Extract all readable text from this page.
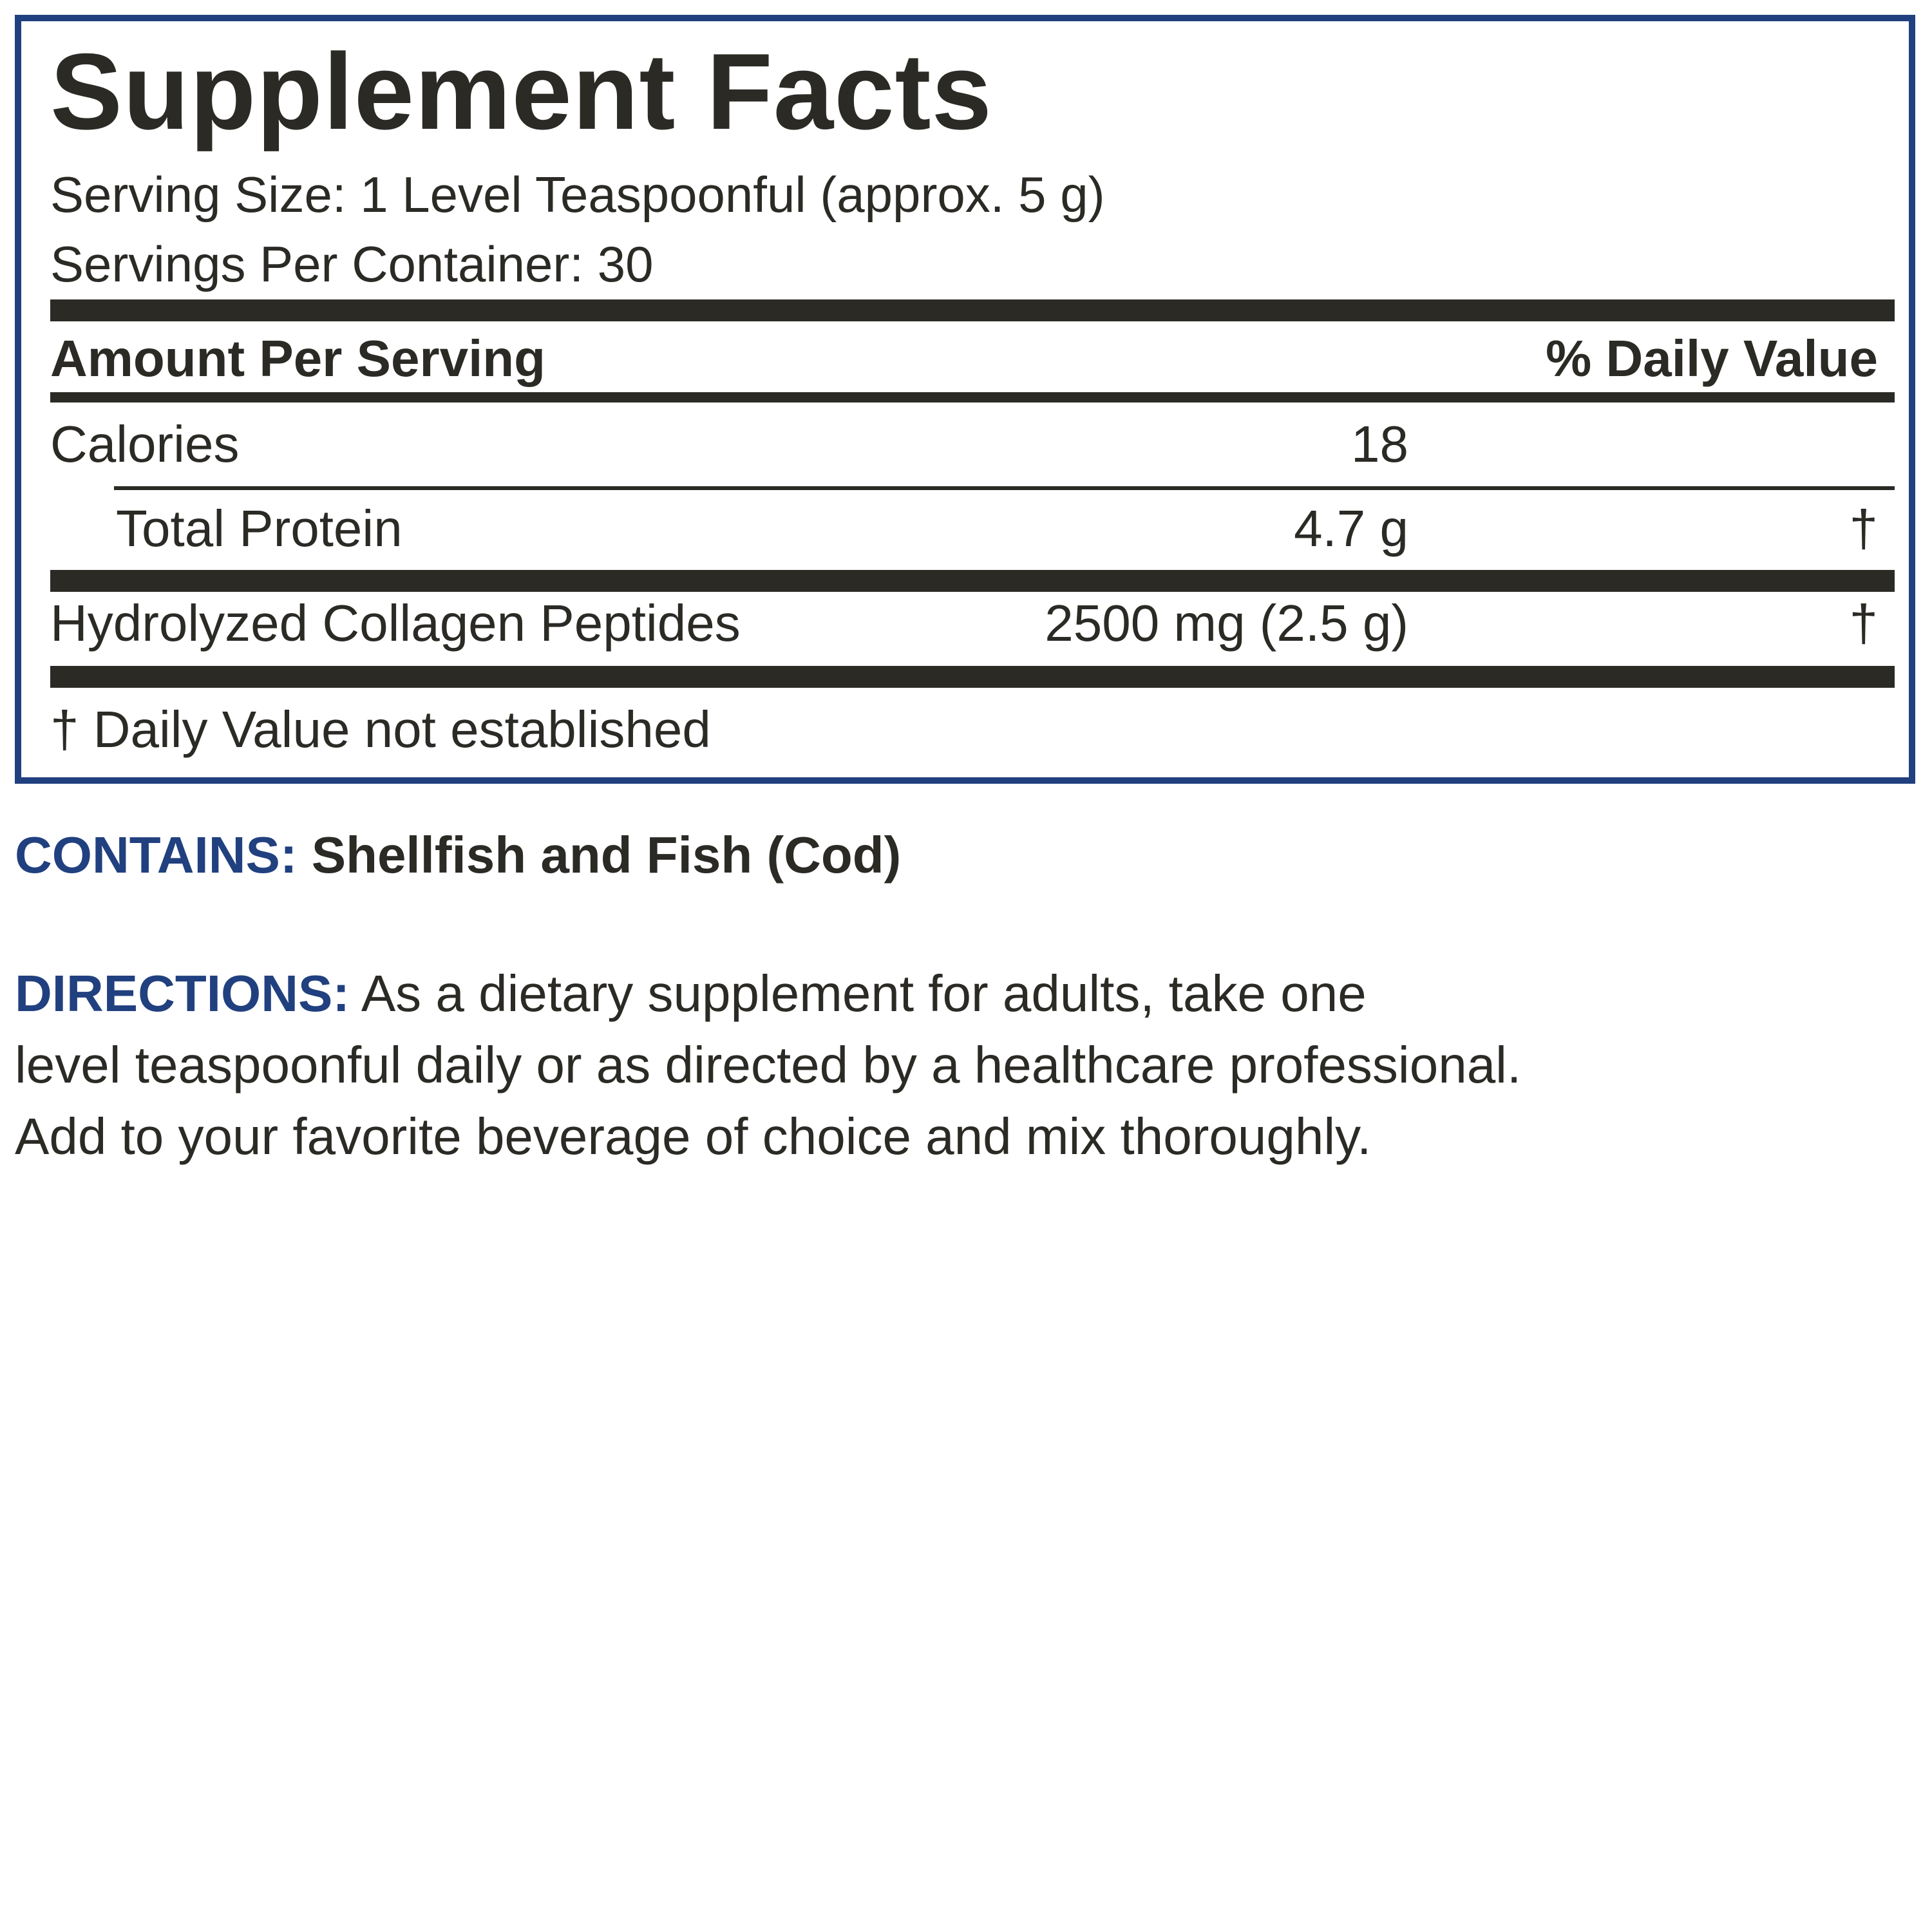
Supplement Facts
Serving Size: 1 Level Teaspoonful (approx. 5 g)
Servings Per Container: 30
Amount Per Serving	% Daily Value
Calories	18
Total Protein	4.7 g	†
Hydrolyzed Collagen Peptides	2500 mg (2.5 g)	†
† Daily Value not established
CONTAINS: Shellfish and Fish (Cod)
DIRECTIONS: As a dietary supplement for adults, take one
level teaspoonful daily or as directed by a healthcare professional.
Add to your favorite beverage of choice and mix thoroughly.
